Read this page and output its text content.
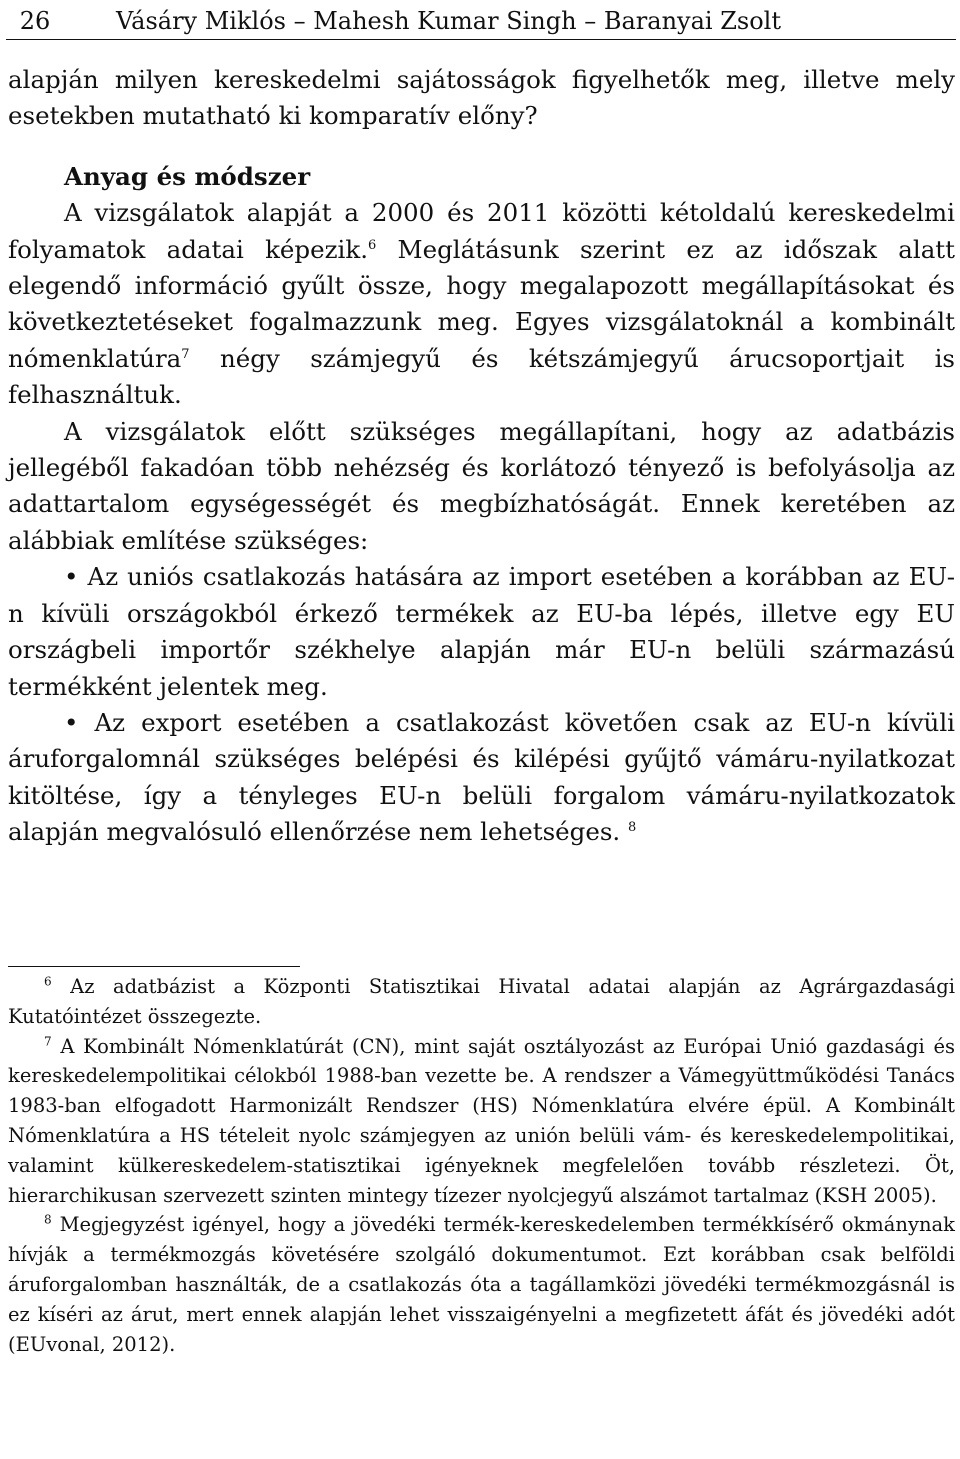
26	Vásáry Miklós – Mahesh Kumar Singh – Baranyai Zsolt

alapján milyen kereskedelmi sajátosságok figyelhetők meg, illetve mely esetekben mutatható ki komparatív előny?

Anyag és módszer

A vizsgálatok alapját a 2000 és 2011 közötti kétoldalú kereskedelmi folyamatok adatai képezik.$^6$ Meglátásunk szerint ez az időszak alatt elegendő információ gyűlt össze, hogy megalapozott megállapításokat és következtetéseket fogalmazzunk meg. Egyes vizsgálatoknál a kombinált nómenklatúra$^7$ négy számjegyű és kétszámjegyű árucsoportjait is felhasználtuk.

A vizsgálatok előtt szükséges megállapítani, hogy az adatbázis jellegéből fakadóan több nehézség és korlátozó tényező is befolyásolja az adattartalom egységességét és megbízhatóságát. Ennek keretében az alábbiak említése szükséges:

• Az uniós csatlakozás hatására az import esetében a korábban az EU-n kívüli országokból érkező termékek az EU-ba lépés, illetve egy EU országbeli importőr székhelye alapján már EU-n belüli származású termékként jelentek meg.

• Az export esetében a csatlakozást követően csak az EU-n kívüli áruforgalomnál szükséges belépési és kilépési gyűjtő vámáru-nyilatkozat kitöltése, így a tényleges EU-n belüli forgalom vámáru-nyilatkozatok alapján megvalósuló ellenőrzése nem lehetséges. $^8$

$^6$ Az adatbázist a Központi Statisztikai Hivatal adatai alapján az Agrárgazdasági Kutatóintézet összegezte.

$^7$ A Kombinált Nómenklatúrát (CN), mint saját osztályozást az Európai Unió gazdasági és kereskedelempolitikai célokból 1988-ban vezette be. A rendszer a Vámegyüttműködési Tanács 1983-ban elfogadott Harmonizált Rendszer (HS) Nómenklatúra elvére épül. A Kombinált Nómenklatúra a HS tételeit nyolc számjegyen az unión belüli vám- és kereskedelempolitikai, valamint külkereskedelem-statisztikai igényeknek megfelelően tovább részletezi. Öt, hierarchikusan szervezett szinten mintegy tízezer nyolcjegyű alszámot tartalmaz (KSH 2005).

$^8$ Megjegyzést igényel, hogy a jövedéki termék-kereskedelemben termékkísérő okmánynak hívják a termékmozgás követésére szolgáló dokumentumot. Ezt korábban csak belföldi áruforgalomban használták, de a csatlakozás óta a tagállamközi jövedéki termékmozgásnál is ez kíséri az árut, mert ennek alapján lehet visszaigényelni a megfizetett áfát és jövedéki adót (EUvonal, 2012).
